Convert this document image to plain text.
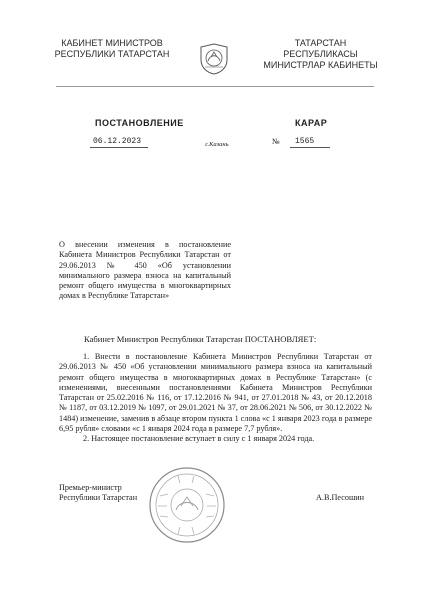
КАБИНЕТ МИНИСТРОВ
РЕСПУБЛИКИ ТАТАРСТАН
ТАТАРСТАН РЕСПУБЛИКАСЫ
МИНИСТРЛАР КАБИНЕТЫ
ПОСТАНОВЛЕНИЕ	КАРАР
06.12.2023	г.Казань	№ 1565
О внесении изменения в постановление Кабинета Министров Республики Татарстан от 29.06.2013 № 450 «Об установлении минимального размера взноса на капитальный ремонт общего имущества в многоквартирных домах в Республике Татарстан»
Кабинет Министров Республики Татарстан ПОСТАНОВЛЯЕТ:

1. Внести в постановление Кабинета Министров Республики Татарстан от 29.06.2013 № 450 «Об установлении минимального размера взноса на капитальный ремонт общего имущества в многоквартирных домах в Республике Татарстан» (с изменениями, внесенными постановлениями Кабинета Министров Республики Татарстан от 25.02.2016 № 116, от 17.12.2016 № 941, от 27.01.2018 № 43, от 20.12.2018 № 1187, от 03.12.2019 № 1097, от 29.01.2021 № 37, от 28.06.2021 № 506, от 30.12.2022 № 1484) изменение, заменив в абзаце втором пункта 1 слова «с 1 января 2023 года в размере 6,95 рубля» словами «с 1 января 2024 года в размере 7,7 рубля».

2. Настоящее постановление вступает в силу с 1 января 2024 года.

Премьер-министр
Республики Татарстан	А.В.Песошин
